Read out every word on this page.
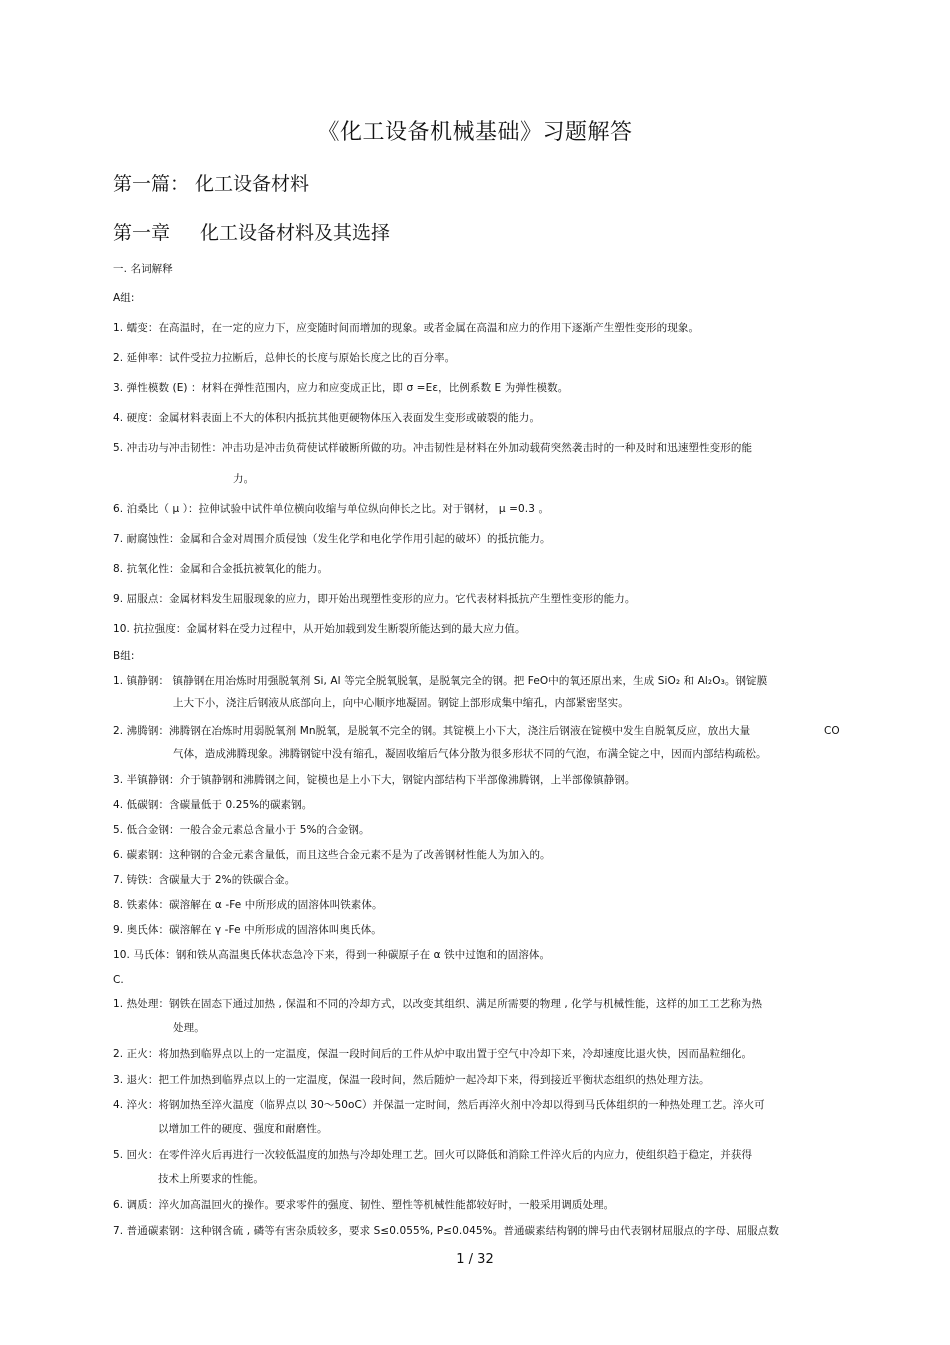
《化工设备机械基础》习题解答
第一篇： 化工设备材料
第一章 化工设备材料及其选择
一. 名词解释
A组:
1. 蠕变：在高温时，在一定的应力下，应变随时间而增加的现象。或者金属在高温和应力的作用下逐渐产生塑性变形的现象。
2. 延伸率：试件受拉力拉断后，总伸长的长度与原始长度之比的百分率。
3. 弹性模数 (E) ：材料在弹性范围内，应力和应变成正比，即 σ =Eε，比例系数 E 为弹性模数。
4. 硬度：金属材料表面上不大的体积内抵抗其他更硬物体压入表面发生变形或破裂的能力。
5. 冲击功与冲击韧性：冲击功是冲击负荷使试样破断所做的功。冲击韧性是材料在外加动载荷突然袭击时的一种及时和迅速塑性变形的能
力。
6. 泊桑比（ μ ）：拉伸试验中试件单位横向收缩与单位纵向伸长之比。对于钢材， μ =0.3 。
7. 耐腐蚀性：金属和合金对周围介质侵蚀（发生化学和电化学作用引起的破坏）的抵抗能力。
8. 抗氧化性：金属和合金抵抗被氧化的能力。
9. 屈服点：金属材料发生屈服现象的应力，即开始出现塑性变形的应力。它代表材料抵抗产生塑性变形的能力。
10. 抗拉强度：金属材料在受力过程中，从开始加载到发生断裂所能达到的最大应力值。
B组:
1. 镇静钢： 镇静钢在用冶炼时用强脱氧剂 Si, Al 等完全脱氧脱氧，是脱氧完全的钢。把 FeO中的氧还原出来，生成 SiO₂ 和 Al₂O₃。钢锭膜
上大下小，浇注后钢液从底部向上，向中心顺序地凝固。钢锭上部形成集中缩孔，内部紧密坚实。
2. 沸腾钢：沸腾钢在冶炼时用弱脱氧剂 Mn脱氧，是脱氧不完全的钢。其锭模上小下大，浇注后钢液在锭模中发生自脱氧反应，放出大量	CO
气体，造成沸腾现象。沸腾钢锭中没有缩孔，凝固收缩后气体分散为很多形状不同的气泡，布满全锭之中，因而内部结构疏松。
3. 半镇静钢：介于镇静钢和沸腾钢之间，锭模也是上小下大，钢锭内部结构下半部像沸腾钢，上半部像镇静钢。
4. 低碳钢：含碳量低于 0.25%的碳素钢。
5. 低合金钢：一般合金元素总含量小于 5%的合金钢。
6. 碳素钢：这种钢的合金元素含量低，而且这些合金元素不是为了改善钢材性能人为加入的。
7. 铸铁：含碳量大于 2%的铁碳合金。
8. 铁素体：碳溶解在 α -Fe 中所形成的固溶体叫铁素体。
9. 奥氏体：碳溶解在 γ -Fe 中所形成的固溶体叫奥氏体。
10. 马氏体：钢和铁从高温奥氏体状态急冷下来，得到一种碳原子在 α 铁中过饱和的固溶体。
C.
1. 热处理：钢铁在固态下通过加热 , 保温和不同的冷却方式，以改变其组织、满足所需要的物理 , 化学与机械性能，这样的加工工艺称为热
处理。
2. 正火：将加热到临界点以上的一定温度，保温一段时间后的工件从炉中取出置于空气中冷却下来，冷却速度比退火快，因而晶粒细化。
3. 退火：把工件加热到临界点以上的一定温度，保温一段时间，然后随炉一起冷却下来，得到接近平衡状态组织的热处理方法。
4. 淬火：将钢加热至淬火温度（临界点以 30～50oC）并保温一定时间，然后再淬火剂中冷却以得到马氏体组织的一种热处理工艺。淬火可
以增加工件的硬度、强度和耐磨性。
5. 回火：在零件淬火后再进行一次较低温度的加热与冷却处理工艺。回火可以降低和消除工件淬火后的内应力，使组织趋于稳定，并获得
技术上所要求的性能。
6. 调质：淬火加高温回火的操作。要求零件的强度、韧性、塑性等机械性能都较好时，一般采用调质处理。
7. 普通碳素钢：这种钢含硫 , 磷等有害杂质较多，要求 S≤0.055%, P≤0.045%。普通碳素结构钢的牌号由代表钢材屈服点的字母、屈服点数
1 / 32
